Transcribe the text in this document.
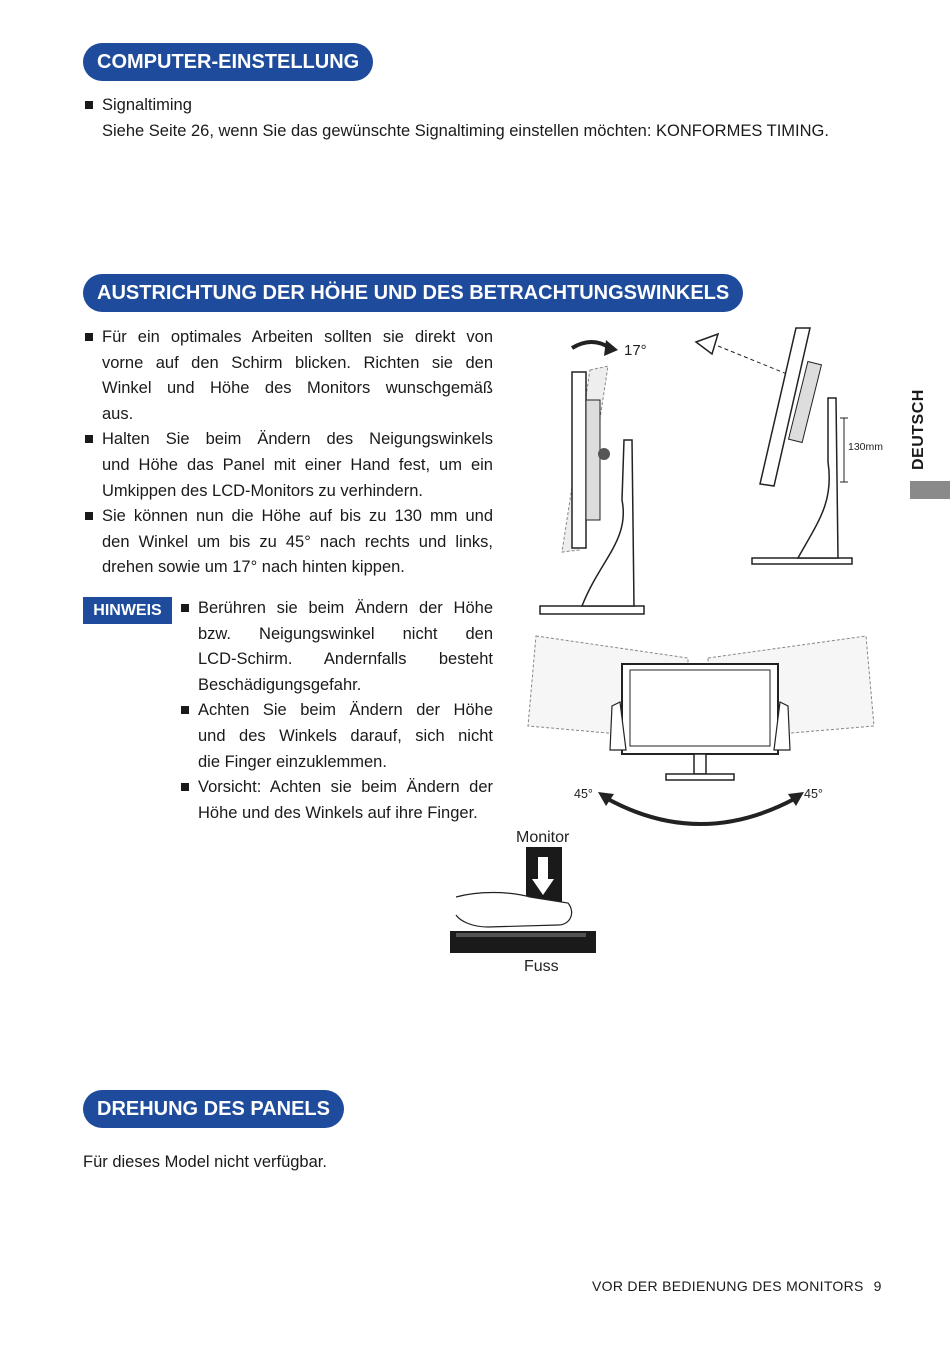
COMPUTER-EINSTELLUNG
Signaltiming
Siehe Seite 26, wenn Sie das gewünschte Signaltiming einstellen möchten: KONFORMES TIMING.
AUSTRICHTUNG DER HÖHE UND DES BETRACHTUNGSWINKELS
Für ein optimales Arbeiten sollten sie direkt von
vorne auf den Schirm blicken. Richten sie den
Winkel und Höhe des Monitors wunschgemäß
aus.
Halten Sie beim Ändern des Neigungswinkels
und Höhe das Panel mit einer Hand fest, um ein
Umkippen des LCD-Monitors zu verhindern.
Sie können nun die Höhe auf bis zu 130 mm und
den Winkel um bis zu 45° nach rechts und links,
drehen sowie um 17° nach hinten kippen.
HINWEIS	Berühren sie beim Ändern der Höhe
bzw. Neigungswinkel nicht den
LCD-Schirm. Andernfalls besteht
Beschädigungsgefahr.
Achten Sie beim Ändern der Höhe
und des Winkels darauf, sich nicht
die Finger einzuklemmen.
Vorsicht: Achten sie beim Ändern der
Höhe und des Winkels auf ihre Finger.
DEUTSCH
17°
130mm
45°	45°
Monitor
Fuss
DREHUNG DES PANELS
Für dieses Model nicht verfügbar.
VOR DER BEDIENUNG DES MONITORS 9
